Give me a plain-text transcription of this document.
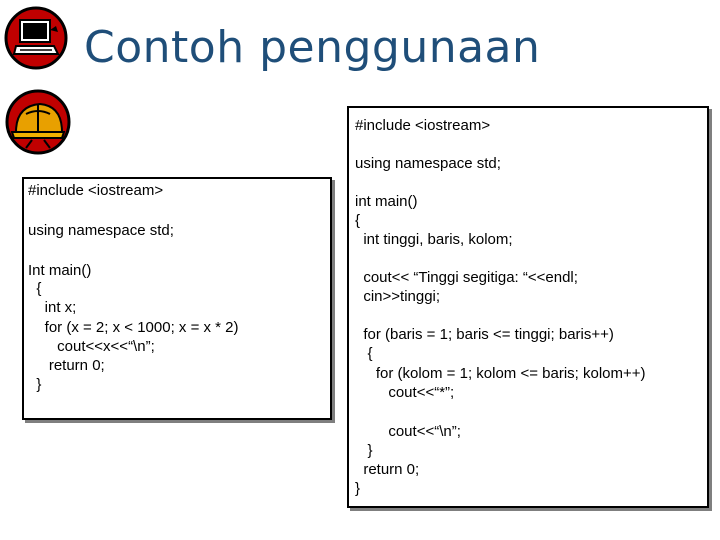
Contoh penggunaan
#include <iostream>
using namespace std;
Int main()
{
int x;
for (x = 2; x < 1000; x = x * 2)
cout<<x<<“\n”;
return 0;
}
#include <iostream>
using namespace std;
int main()
{
int tinggi, baris, kolom;
cout<< “Tinggi segitiga: “<<endl;
cin>>tinggi;
for (baris = 1; baris <= tinggi; baris++)
{
for (kolom = 1; kolom <= baris; kolom++)
cout<<“*”;
cout<<“\n”;
}
return 0;
}
